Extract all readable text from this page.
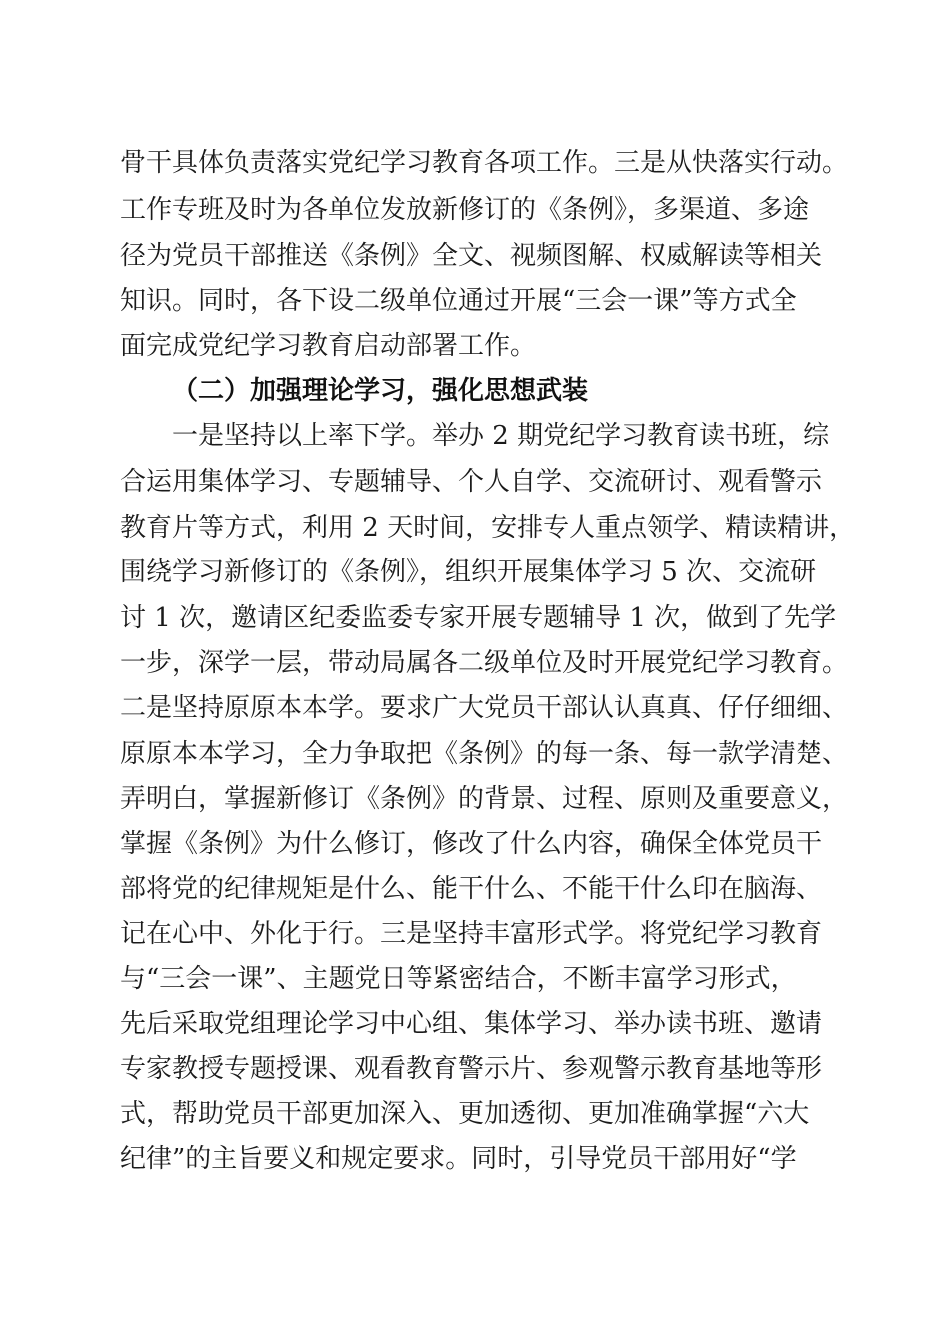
骨干具体负责落实党纪学习教育各项工作。三是从快落实行动。
工作专班及时为各单位发放新修订的《条例》，多渠道、多途
径为党员干部推送《条例》全文、视频图解、权威解读等相关
知识。同时，各下设二级单位通过开展“三会一课”等方式全
面完成党纪学习教育启动部署工作。
（二）加强理论学习，强化思想武装
一是坚持以上率下学。举办 2 期党纪学习教育读书班，综
合运用集体学习、专题辅导、个人自学、交流研讨、观看警示
教育片等方式，利用 2 天时间，安排专人重点领学、精读精讲，
围绕学习新修订的《条例》，组织开展集体学习 5 次、交流研
讨 1 次，邀请区纪委监委专家开展专题辅导 1 次，做到了先学
一步，深学一层，带动局属各二级单位及时开展党纪学习教育。
二是坚持原原本本学。要求广大党员干部认认真真、仔仔细细、
原原本本学习，全力争取把《条例》的每一条、每一款学清楚、
弄明白，掌握新修订《条例》的背景、过程、原则及重要意义，
掌握《条例》为什么修订，修改了什么内容，确保全体党员干
部将党的纪律规矩是什么、能干什么、不能干什么印在脑海、
记在心中、外化于行。三是坚持丰富形式学。将党纪学习教育
与“三会一课”、主题党日等紧密结合，不断丰富学习形式，
先后采取党组理论学习中心组、集体学习、举办读书班、邀请
专家教授专题授课、观看教育警示片、参观警示教育基地等形
式，帮助党员干部更加深入、更加透彻、更加准确掌握“六大
纪律”的主旨要义和规定要求。同时，引导党员干部用好“学
